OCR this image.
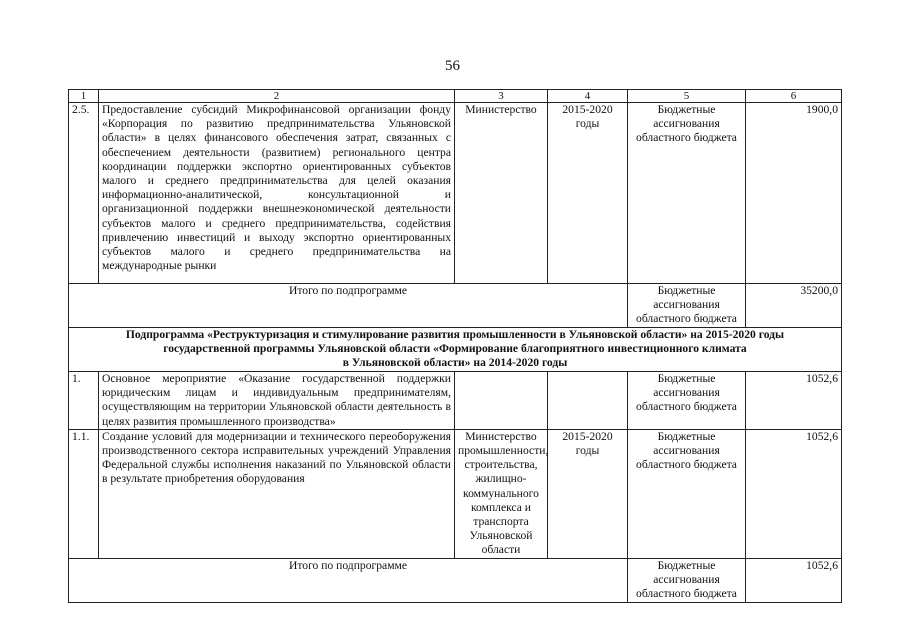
56
1	2	3	4	5	6
2.5.	Предоставление субсидий Микрофинансовой организации фонду «Корпорация по развитию предпринимательства Ульяновской области» в целях финансового обеспечения затрат, связанных с обеспечением деятельности (развитием) регионального центра координации поддержки экспортно ориентированных субъектов малого и среднего предпринимательства для целей оказания информационно-аналитической, консультационной и организационной поддержки внешнеэкономической деятельности субъектов малого и среднего предпринимательства, содействия привлечению инвестиций и выходу экспортно ориентированных субъектов малого и среднего предпринимательства на международные рынки	Министерство	2015-2020 годы	Бюджетные ассигнования областного бюджета	1900,0
Итого по подпрограмме				Бюджетные ассигнования областного бюджета	35200,0

Подпрограмма «Реструктуризация и стимулирование развития промышленности в Ульяновской области» на 2015-2020 годы
государственной программы Ульяновской области «Формирование благоприятного инвестиционного климата
в Ульяновской области» на 2014-2020 годы					

1.	Основное мероприятие «Оказание государственной поддержки юридическим лицам и индивидуальным предпринимателям, осуществляющим на территории Ульяновской области деятельность в целях развития промышленного производства»			Бюджетные ассигнования областного бюджета	1052,6
1.1.	Создание условий для модернизации и технического переоборужения производственного сектора исправительных учреждений Управления Федеральной службы исполнения наказаний по Ульяновской области в результате приобретения оборудования	Министерство промышленности, строительства, жилищно-коммунального комплекса и транспорта Ульяновской области	2015-2020 годы	Бюджетные ассигнования областного бюджета	1052,6
Итого по подпрограмме				Бюджетные ассигнования областного бюджета	1052,6
